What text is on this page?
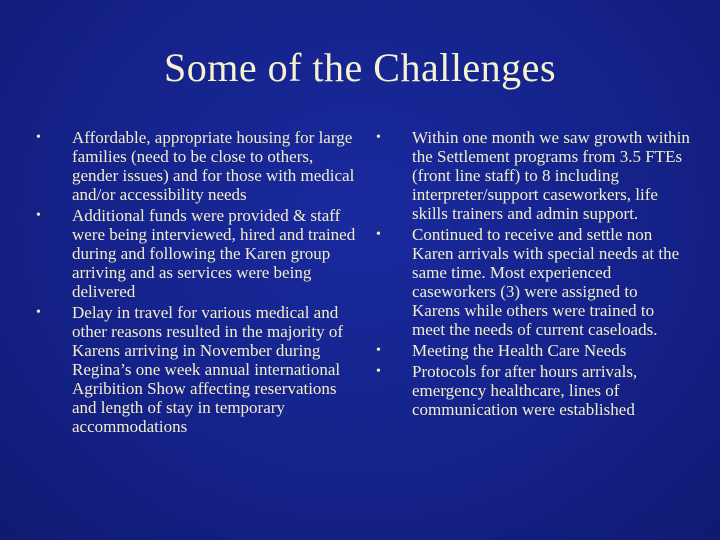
Some of the Challenges
• Affordable, appropriate housing for large families (need to be close to others, gender issues) and for those with medical and/or accessibility needs
• Additional funds were provided & staff were being interviewed, hired and trained during and following the Karen group arriving and as services were being delivered
• Delay in travel for various medical and other reasons resulted in the majority of Karens arriving in November during Regina’s one week annual international Agribition Show affecting reservations and length of stay in temporary accommodations
• Within one month we saw growth within the Settlement programs from 3.5 FTEs (front line staff) to 8 including interpreter/support caseworkers, life skills trainers and admin support.
• Continued to receive and settle non Karen arrivals with special needs at the same time. Most experienced caseworkers (3) were assigned to Karens while others were trained to meet the needs of current caseloads.
• Meeting the Health Care Needs
• Protocols for after hours arrivals, emergency healthcare, lines of communication were established
